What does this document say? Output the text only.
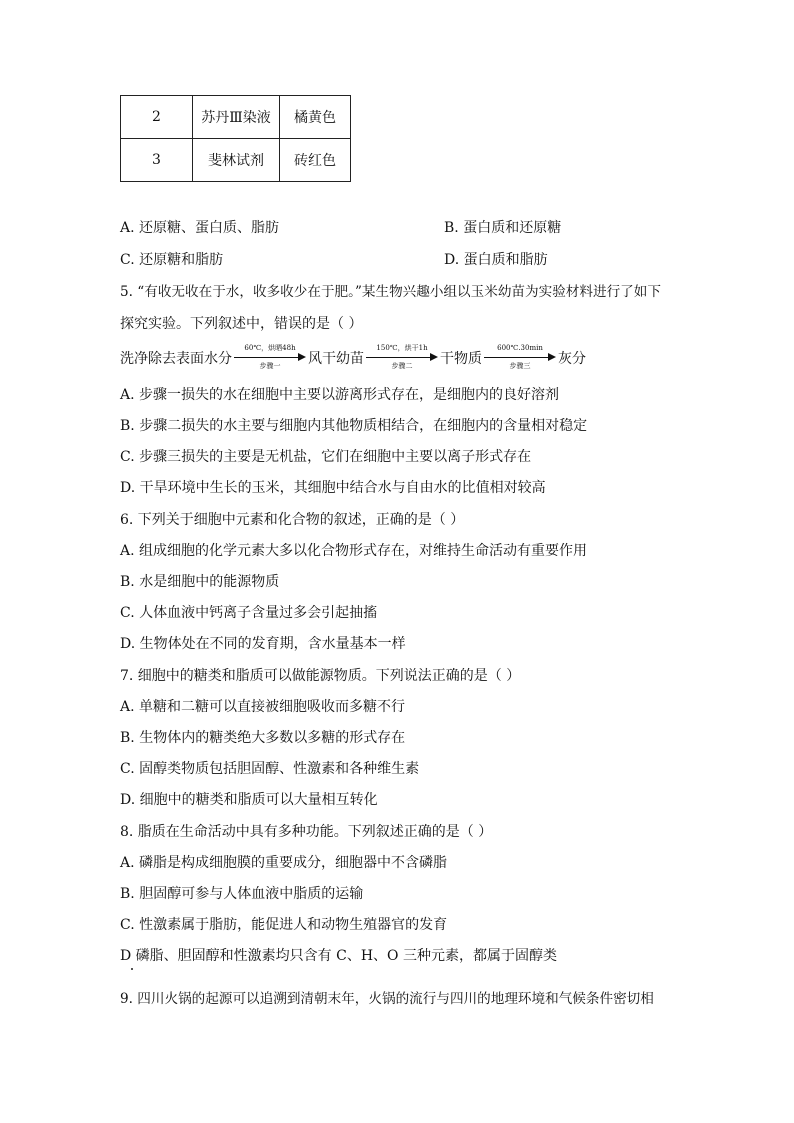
2	苏丹Ⅲ染液	橘黄色
3	斐林试剂	砖红色
A. 还原糖、蛋白质、脂肪	B. 蛋白质和还原糖
C. 还原糖和脂肪	D. 蛋白质和脂肪
5. “有收无收在于水，收多收少在于肥。”某生物兴趣小组以玉米幼苗为实验材料进行了如下
探究实验。下列叙述中，错误的是（ ）
洗净除去表面水分
60℃，烘晒48h
步骤一	风干幼苗
150℃，烘干1h
步骤二	干物质
600℃.30min
步骤三	灰分
A. 步骤一损失的水在细胞中主要以游离形式存在，是细胞内的良好溶剂
B. 步骤二损失的水主要与细胞内其他物质相结合，在细胞内的含量相对稳定
C. 步骤三损失的主要是无机盐，它们在细胞中主要以离子形式存在
D. 干旱环境中生长的玉米，其细胞中结合水与自由水的比值相对较高
6. 下列关于细胞中元素和化合物的叙述，正确的是（ ）
A. 组成细胞的化学元素大多以化合物形式存在，对维持生命活动有重要作用
B. 水是细胞中的能源物质
C. 人体血液中钙离子含量过多会引起抽搐
D. 生物体处在不同的发育期，含水量基本一样
7. 细胞中的糖类和脂质可以做能源物质。下列说法正确的是（ ）
A. 单糖和二糖可以直接被细胞吸收而多糖不行
B. 生物体内的糖类绝大多数以多糖的形式存在
C. 固醇类物质包括胆固醇、性激素和各种维生素
D. 细胞中的糖类和脂质可以大量相互转化
8. 脂质在生命活动中具有多种功能。下列叙述正确的是（ ）
A. 磷脂是构成细胞膜的重要成分，细胞器中不含磷脂
B. 胆固醇可参与人体血液中脂质的运输
C. 性激素属于脂肪，能促进人和动物生殖器官的发育
D 磷脂、胆固醇和性激素均只含有 C、H、O 三种元素，都属于固醇类
9. 四川火锅的起源可以追溯到清朝末年，火锅的流行与四川的地理环境和气候条件密切相
